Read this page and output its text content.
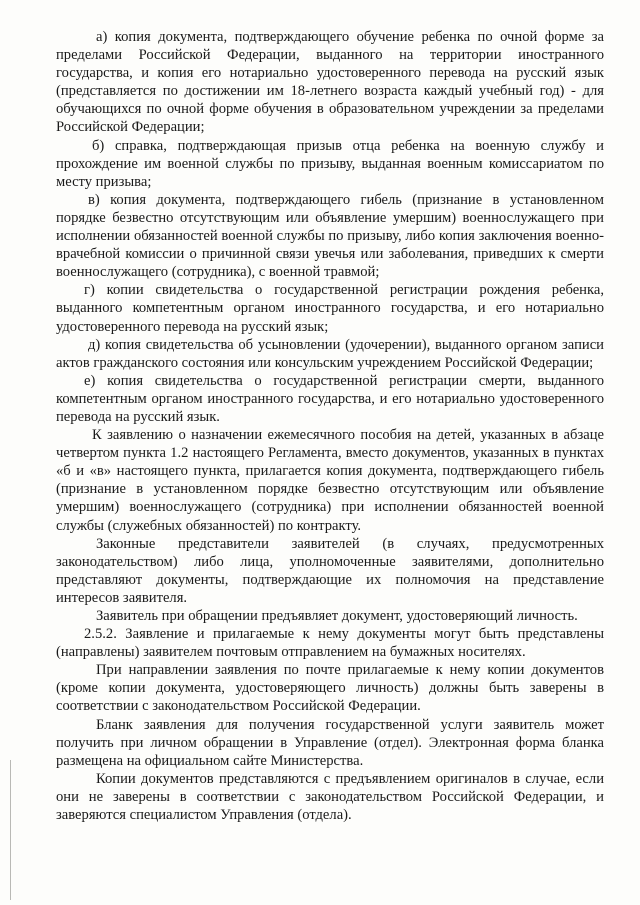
а) копия документа, подтверждающего обучение ребенка по очной форме за пределами Российской Федерации, выданного на территории иностранного государства, и копия его нотариально удостоверенного перевода на русский язык (представляется по достижении им 18-летнего возраста каждый учебный год) - для обучающихся по очной форме обучения в образовательном учреждении за пределами Российской Федерации;

б) справка, подтверждающая призыв отца ребенка на военную службу и прохождение им военной службы по призыву, выданная военным комиссариатом по месту призыва;

в) копия документа, подтверждающего гибель (признание в установленном порядке безвестно отсутствующим или объявление умершим) военнослужащего при исполнении обязанностей военной службы по призыву, либо копия заключения военно-врачебной комиссии о причинной связи увечья или заболевания, приведших к смерти военнослужащего (сотрудника), с военной травмой;

г) копии свидетельства о государственной регистрации рождения ребенка, выданного компетентным органом иностранного государства, и его нотариально удостоверенного перевода на русский язык;

д) копия свидетельства об усыновлении (удочерении), выданного органом записи актов гражданского состояния или консульским учреждением Российской Федерации;

е) копия свидетельства о государственной регистрации смерти, выданного компетентным органом иностранного государства, и его нотариально удостоверенного перевода на русский язык.

К заявлению о назначении ежемесячного пособия на детей, указанных в абзаце четвертом пункта 1.2 настоящего Регламента, вместо документов, указанных в пунктах «б и «в» настоящего пункта, прилагается копия документа, подтверждающего гибель (признание в установленном порядке безвестно отсутствующим или объявление умершим) военнослужащего (сотрудника) при исполнении обязанностей военной службы (служебных обязанностей) по контракту.

Законные представители заявителей (в случаях, предусмотренных законодательством) либо лица, уполномоченные заявителями, дополнительно представляют документы, подтверждающие их полномочия на представление интересов заявителя.

Заявитель при обращении предъявляет документ, удостоверяющий личность.

2.5.2. Заявление и прилагаемые к нему документы могут быть представлены (направлены) заявителем почтовым отправлением на бумажных носителях.

При направлении заявления по почте прилагаемые к нему копии документов (кроме копии документа, удостоверяющего личность) должны быть заверены в соответствии с законодательством Российской Федерации.

Бланк заявления для получения государственной услуги заявитель может получить при личном обращении в Управление (отдел). Электронная форма бланка размещена на официальном сайте Министерства.

Копии документов представляются с предъявлением оригиналов в случае, если они не заверены в соответствии с законодательством Российской Федерации, и заверяются специалистом Управления (отдела).
